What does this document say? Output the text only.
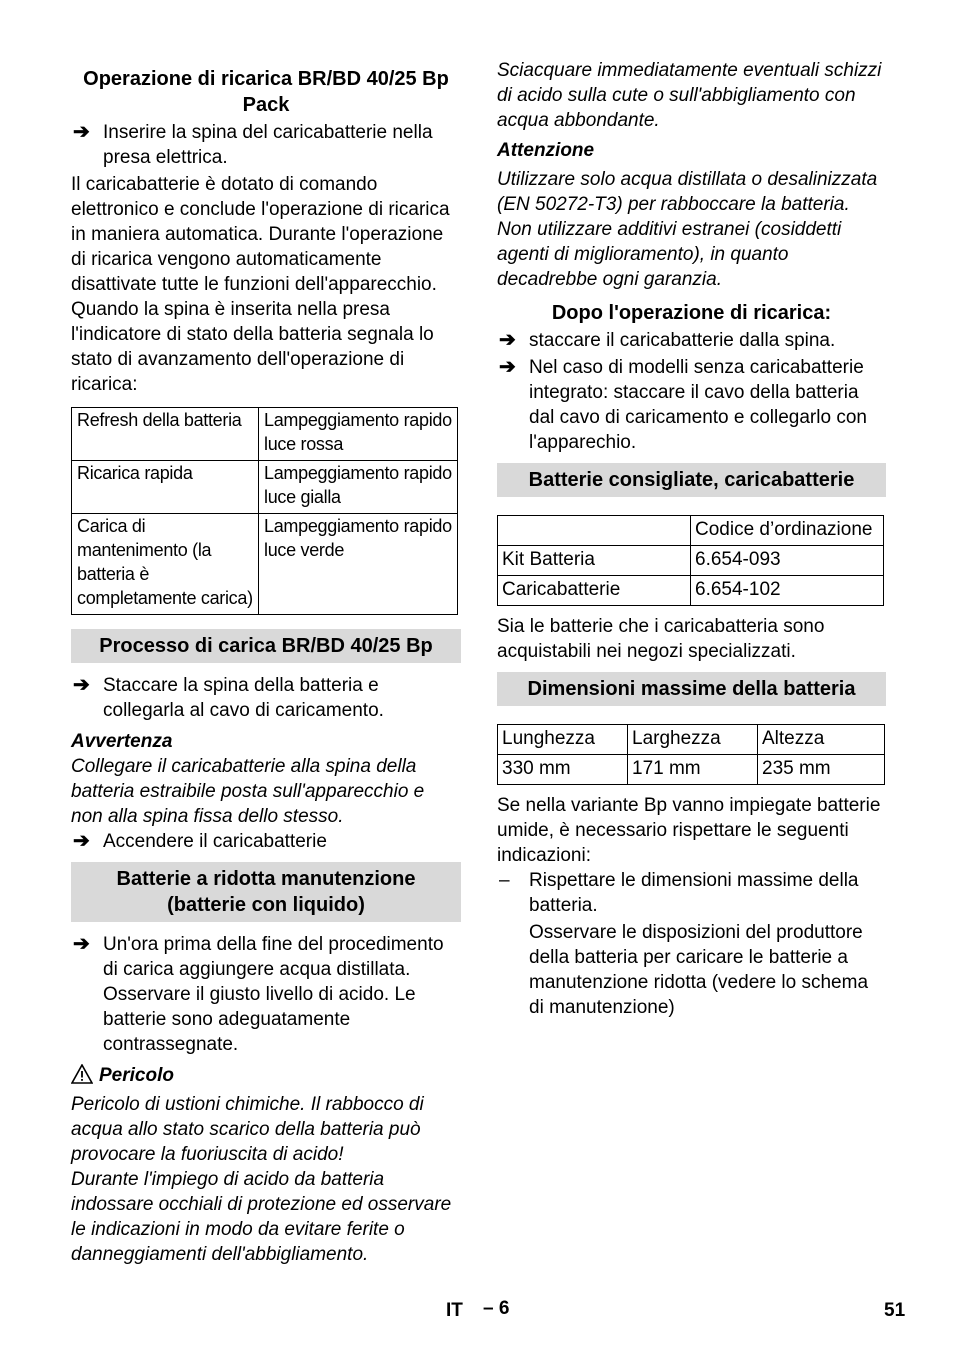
Operazione di ricarica BR/BD 40/25 Bp Pack
➔ Inserire la spina del caricabatterie nella presa elettrica.

Il caricabatterie è dotato di comando elettronico e conclude l'operazione di ricarica in maniera automatica. Durante l'operazione di ricarica vengono automaticamente disattivate tutte le funzioni dell'apparecchio.

Quando la spina è inserita nella presa l'indicatore di stato della batteria segnala lo stato di avanzamento dell'operazione di ricarica:

Refresh della batteria	Lampeggiamento rapido luce rossa
Ricarica rapida	Lampeggiamento rapido luce gialla
Carica di mantenimento (la batteria è completamente carica)	Lampeggiamento rapido luce verde
Processo di carica BR/BD 40/25 Bp
➔ Staccare la spina della batteria e collegarla al cavo di caricamento.
Avvertenza

Collegare il caricabatterie alla spina della batteria estraibile posta sull'apparecchio e non alla spina fissa dello stesso.

➔ Accendere il caricabatterie
Batterie a ridotta manutenzione (batterie con liquido)
➔ Un'ora prima della fine del procedimento di carica aggiungere acqua distillata. Osservare il giusto livello di acido. Le batterie sono adeguatamente contrassegnate.
Pericolo

Pericolo di ustioni chimiche. Il rabbocco di acqua allo stato scarico della batteria può provocare la fuoriuscita di acido!

Durante l'impiego di acido da batteria indossare occhiali di protezione ed osservare le indicazioni in modo da evitare ferite o danneggiamenti dell'abbigliamento.

Sciacquare immediatamente eventuali schizzi di acido sulla cute o sull'abbigliamento con acqua abbondante.

Attenzione

Utilizzare solo acqua distillata o desalinizzata (EN 50272-T3) per rabboccare la batteria.

Non utilizzare additivi estranei (cosiddetti agenti di miglioramento), in quanto decadrebbe ogni garanzia.

Dopo l'operazione di ricarica:
➔ staccare il caricabatterie dalla spina.
➔ Nel caso di modelli senza caricabatterie integrato: staccare il cavo della batteria dal cavo di caricamento e collegarlo con l'apparechio.
Batterie consigliate, caricabatterie
	Codice d’ordinazione
Kit Batteria	6.654-093
Caricabatterie	6.654-102

Sia le batterie che i caricabatteria sono acquistabili nei negozi specializzati.

Dimensioni massime della batteria
Lunghezza	Larghezza	Altezza
330 mm	171 mm	235 mm

Se nella variante Bp vanno impiegate batterie umide, è necessario rispettare le seguenti indicazioni:

– Rispettare le dimensioni massime della batteria.

Osservare le disposizioni del produttore della batteria per caricare le batterie a manutenzione ridotta (vedere lo schema di manutenzione)

IT – 6	51
